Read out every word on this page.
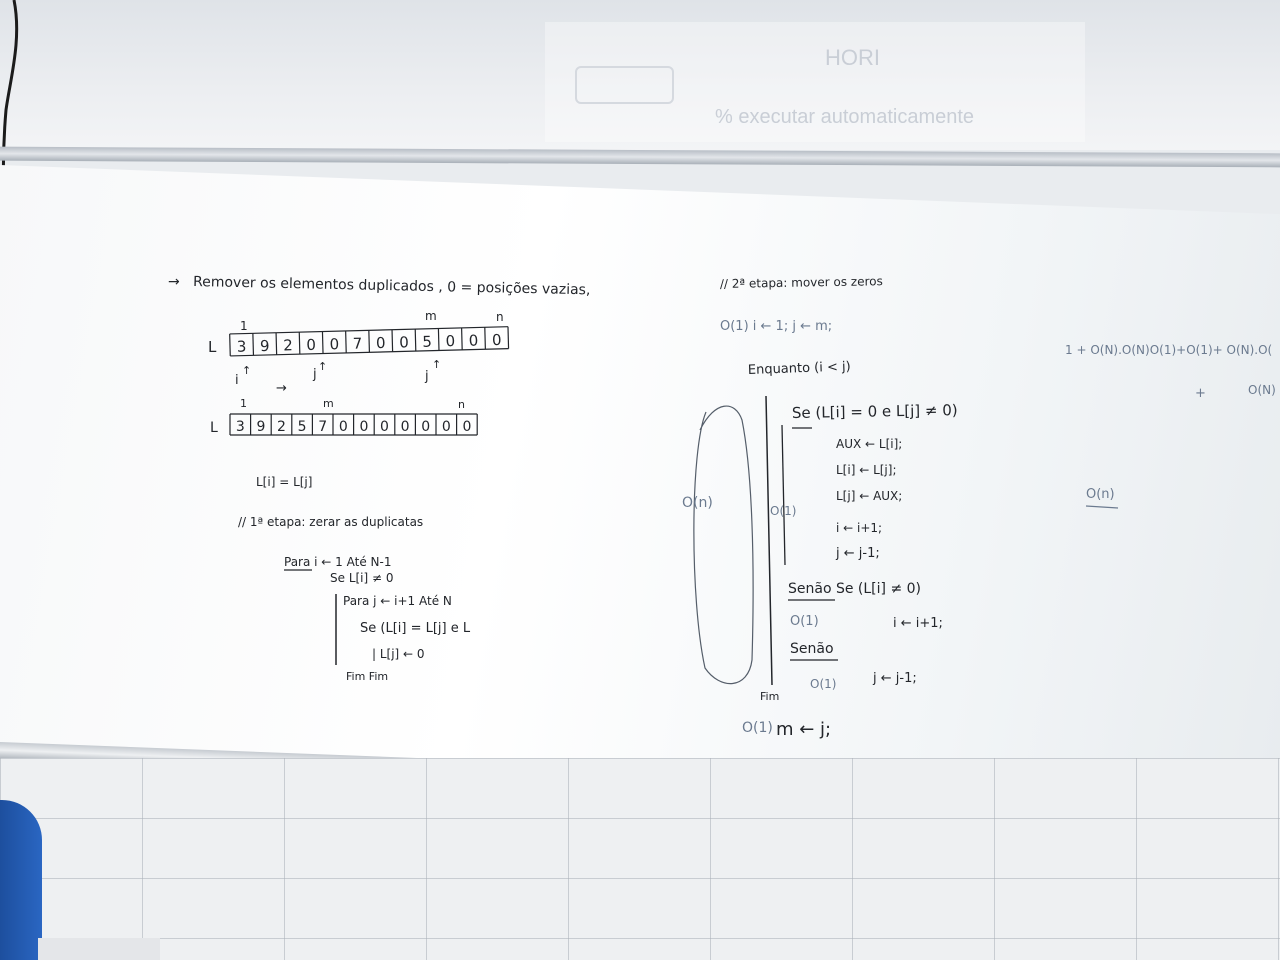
HORI
% executar automaticamente
→ Remover os elementos duplicados , 0 = posições vazias,
1
m	n
L 3 9 2 0 0 7 0 0 5 0 0 0
i
↑	j
↑
j
↑
→
1	m	n
L 3 9 2 5 7 0 0 0 0 0 0 0
L[i] = L[j]
// 1ª etapa: zerar as duplicatas
Para i ← 1 Até N-1
Se L[i] ≠ 0
Para j ← i+1 Até N
Se (L[i] = L[j] e L
| L[j] ← 0
Fim Fim
// 2ª etapa: mover os zeros
O(1) i ← 1; j ← m;
Enquanto (i < j)
O(n)	O(1)
Se (L[i] = 0 e L[j] ≠ 0)
AUX ← L[i];
L[i] ← L[j];
L[j] ← AUX;
i ← i+1;
j ← j-1;
Senão Se (L[i] ≠ 0)
O(1)	i ← i+1;
Senão
O(1)	j ← j-1;
Fim
O(1) m ← j;
O(n)
1 + O(N).O(N)O(1)+O(1)+ O(N).O(
+	O(N)
